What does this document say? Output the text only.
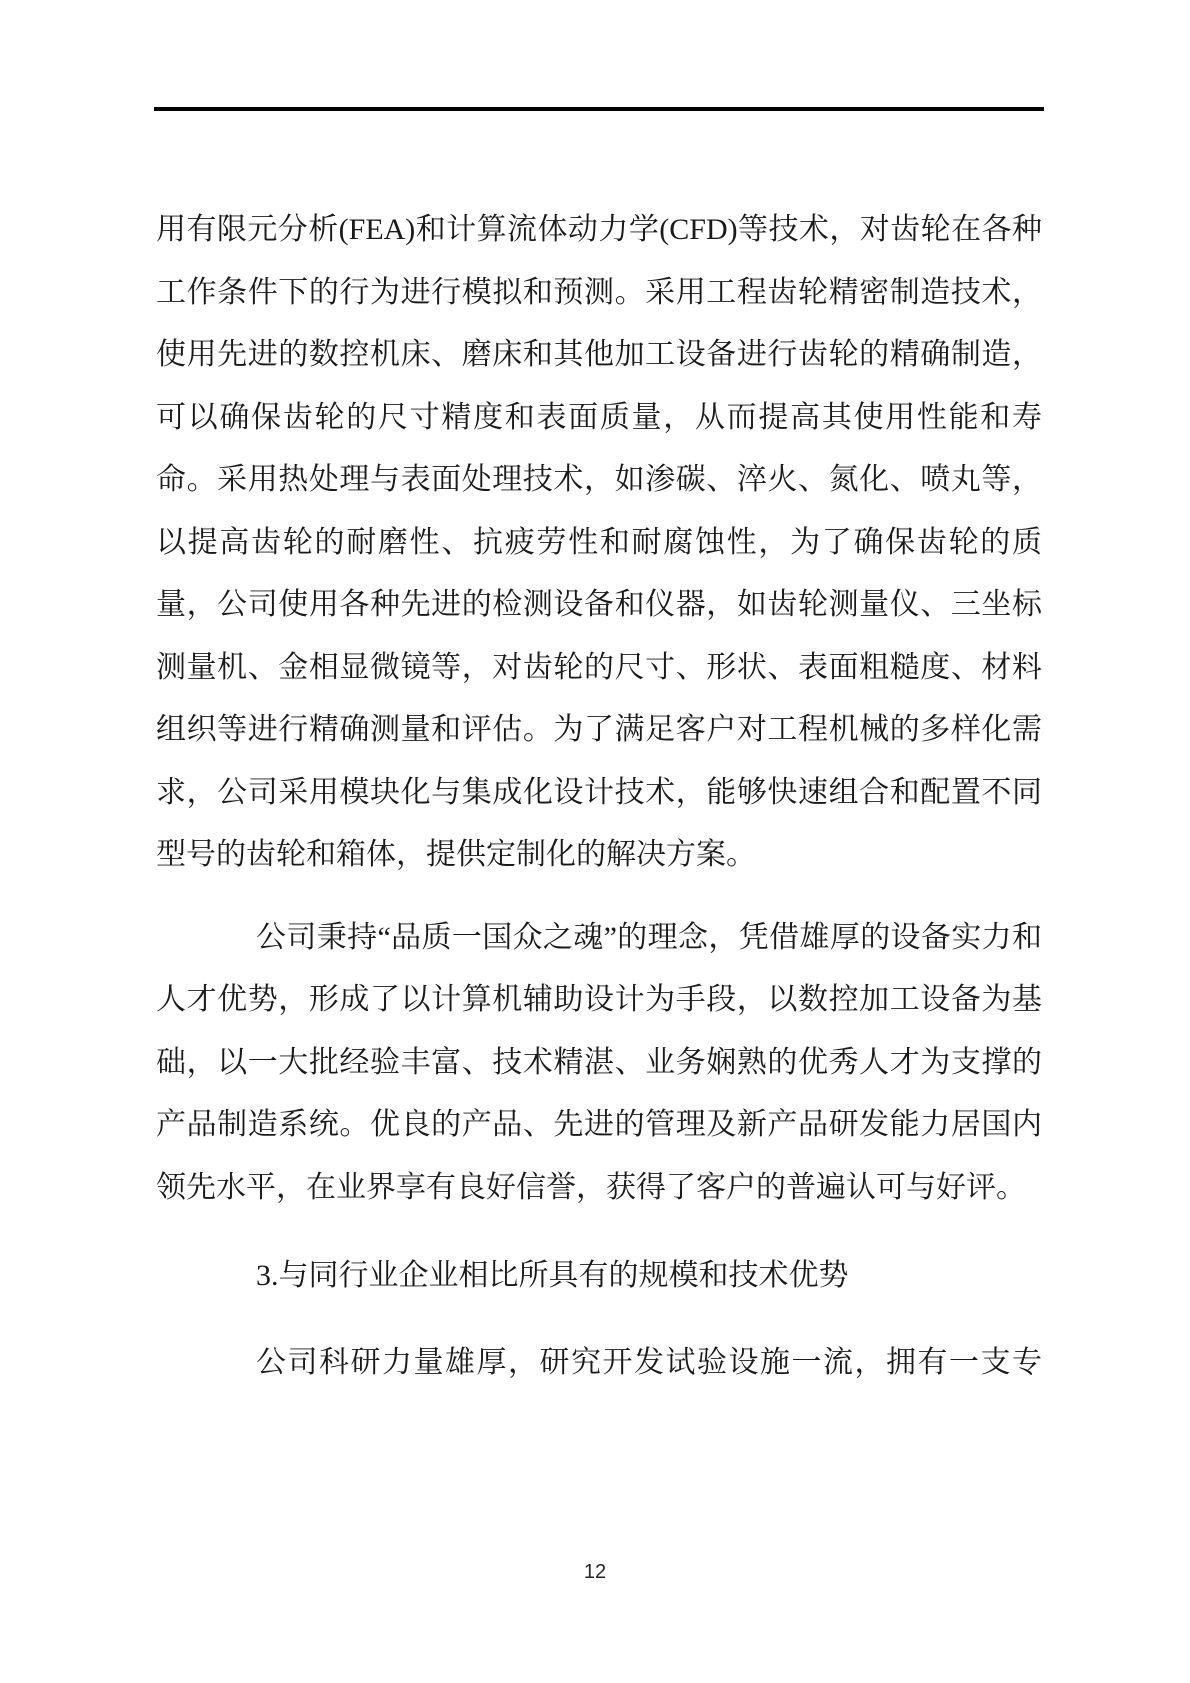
用有限元分析(FEA)和计算流体动力学(CFD)等技术，对齿轮在各种工作条件下的行为进行模拟和预测。采用工程齿轮精密制造技术，使用先进的数控机床、磨床和其他加工设备进行齿轮的精确制造，可以确保齿轮的尺寸精度和表面质量，从而提高其使用性能和寿命。采用热处理与表面处理技术，如渗碳、淬火、氮化、喷丸等，以提高齿轮的耐磨性、抗疲劳性和耐腐蚀性，为了确保齿轮的质量，公司使用各种先进的检测设备和仪器，如齿轮测量仪、三坐标测量机、金相显微镜等，对齿轮的尺寸、形状、表面粗糙度、材料组织等进行精确测量和评估。为了满足客户对工程机械的多样化需求，公司采用模块化与集成化设计技术，能够快速组合和配置不同型号的齿轮和箱体，提供定制化的解决方案。

公司秉持“品质一国众之魂”的理念，凭借雄厚的设备实力和人才优势，形成了以计算机辅助设计为手段，以数控加工设备为基础，以一大批经验丰富、技术精湛、业务娴熟的优秀人才为支撑的产品制造系统。优良的产品、先进的管理及新产品研发能力居国内领先水平，在业界享有良好信誉，获得了客户的普遍认可与好评。

3.与同行业企业相比所具有的规模和技术优势

公司科研力量雄厚，研究开发试验设施一流，拥有一支专

12
